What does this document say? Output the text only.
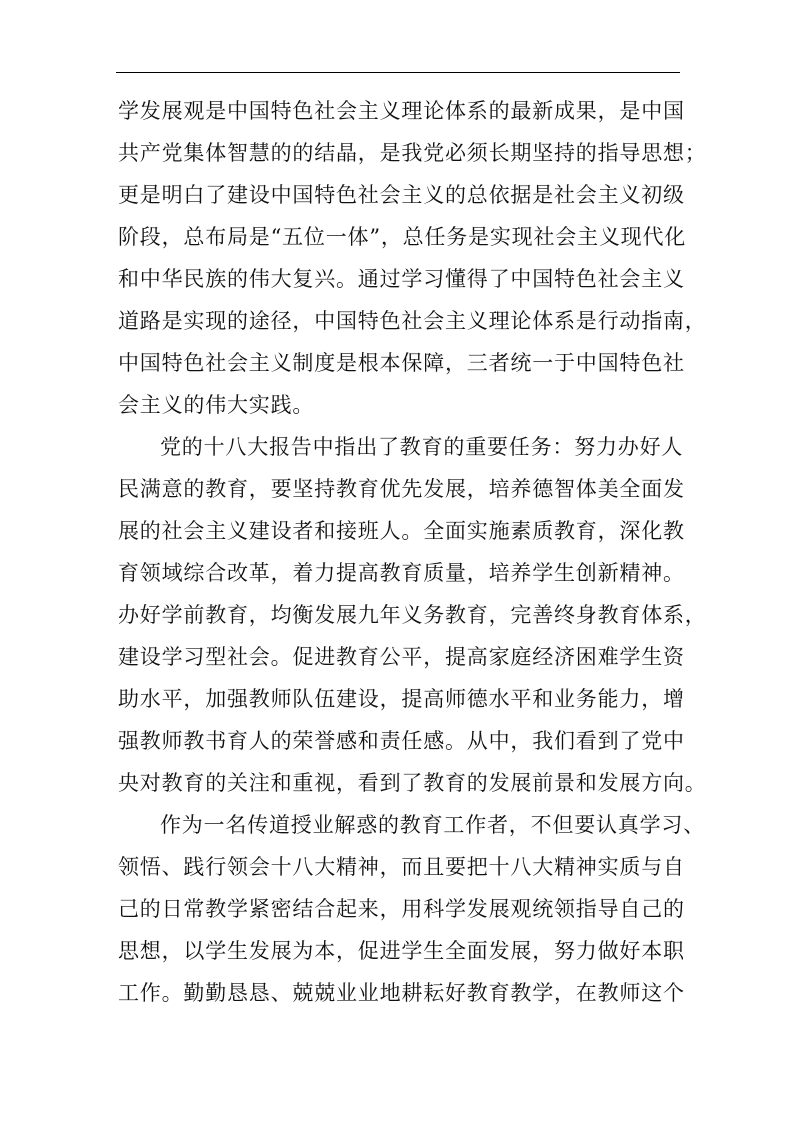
学发展观是中国特色社会主义理论体系的最新成果，是中国
共产党集体智慧的的结晶，是我党必须长期坚持的指导思想；
更是明白了建设中国特色社会主义的总依据是社会主义初级
阶段，总布局是“五位一体”，总任务是实现社会主义现代化
和中华民族的伟大复兴。通过学习懂得了中国特色社会主义
道路是实现的途径，中国特色社会主义理论体系是行动指南，
中国特色社会主义制度是根本保障，三者统一于中国特色社
会主义的伟大实践。
党的十八大报告中指出了教育的重要任务：努力办好人
民满意的教育，要坚持教育优先发展，培养德智体美全面发
展的社会主义建设者和接班人。全面实施素质教育，深化教
育领域综合改革，着力提高教育质量，培养学生创新精神。
办好学前教育，均衡发展九年义务教育，完善终身教育体系，
建设学习型社会。促进教育公平，提高家庭经济困难学生资
助水平，加强教师队伍建设，提高师德水平和业务能力，增
强教师教书育人的荣誉感和责任感。从中，我们看到了党中
央对教育的关注和重视，看到了教育的发展前景和发展方向。
作为一名传道授业解惑的教育工作者，不但要认真学习、
领悟、践行领会十八大精神，而且要把十八大精神实质与自
己的日常教学紧密结合起来，用科学发展观统领指导自己的
思想，以学生发展为本，促进学生全面发展，努力做好本职
工作。勤勤恳恳、兢兢业业地耕耘好教育教学，在教师这个
